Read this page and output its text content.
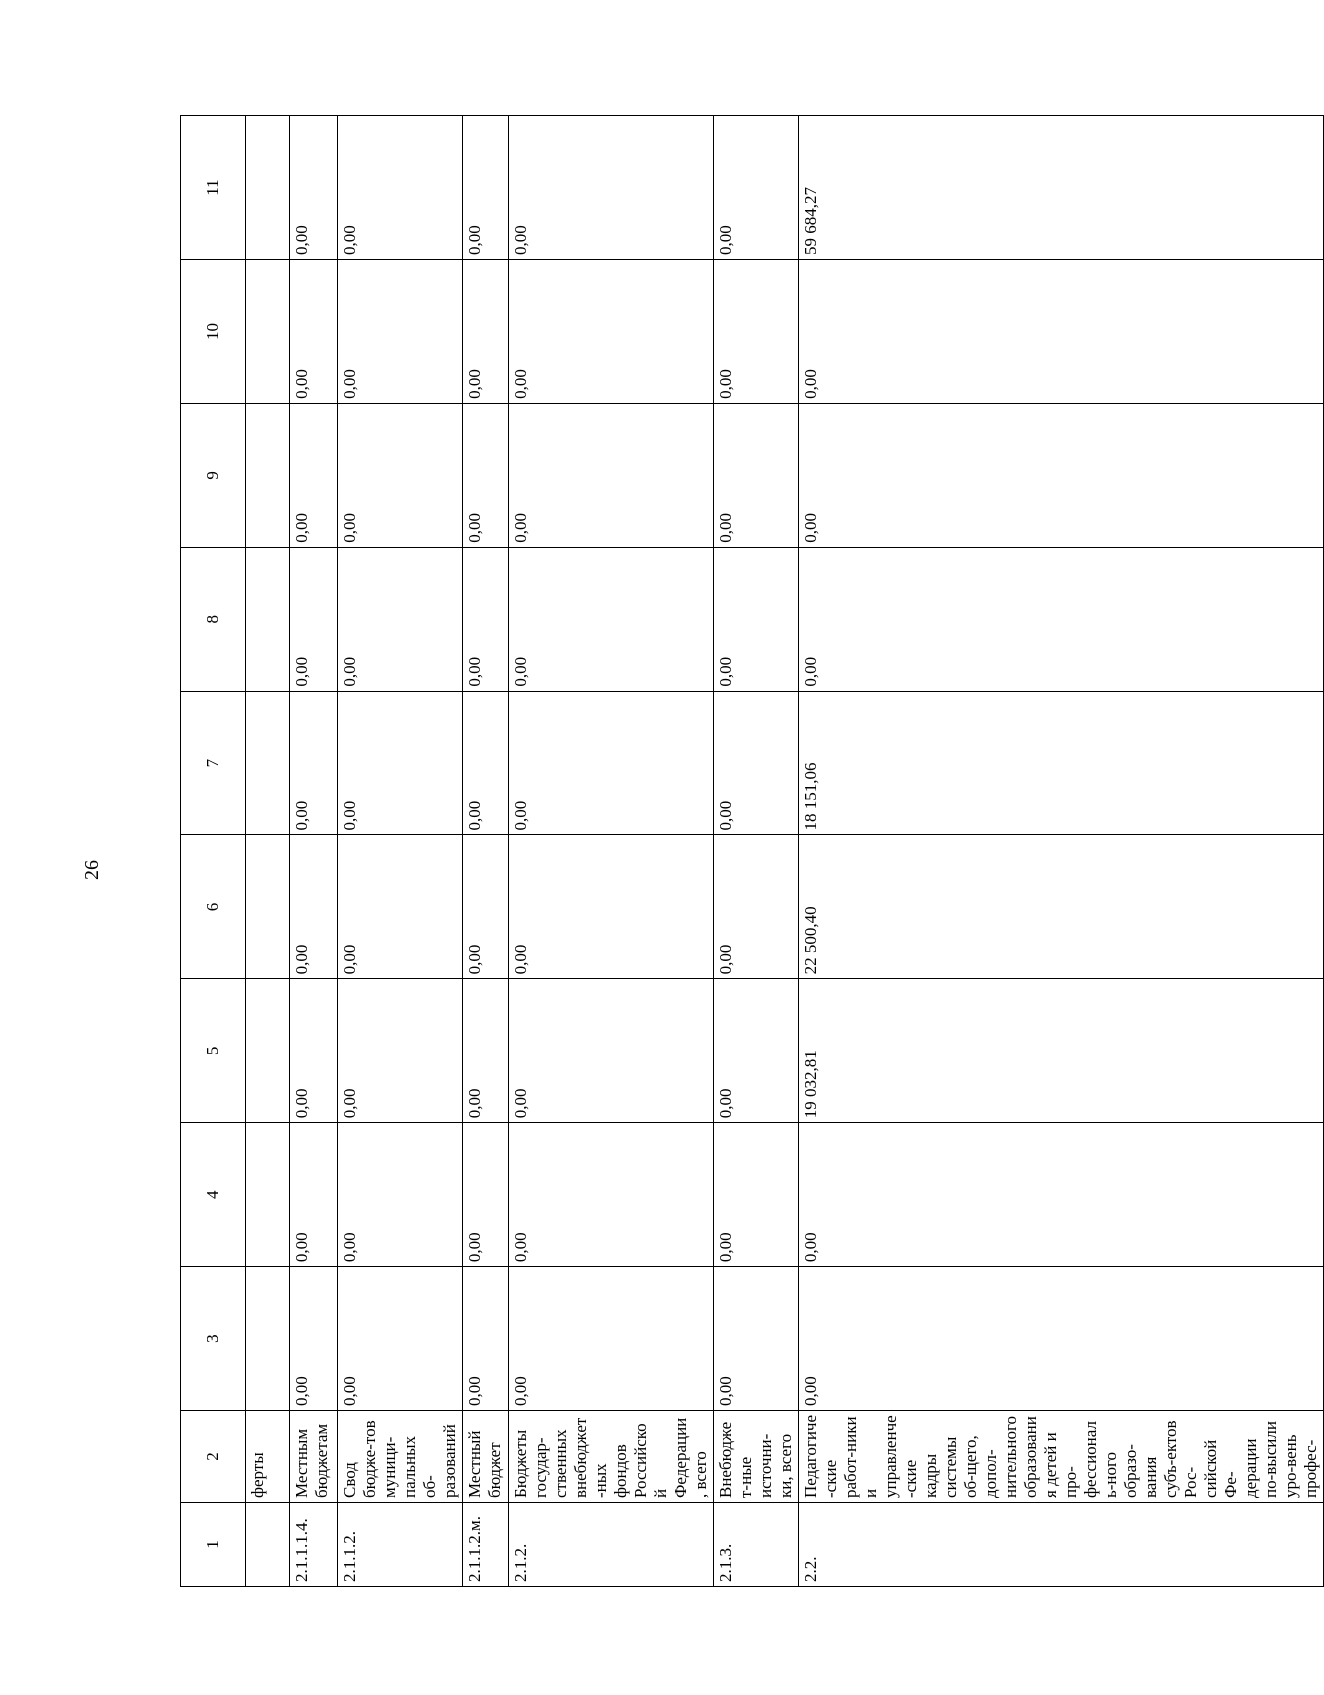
26
1	2	3	4	5	6	7	8	9	10	11
	ферты									
2.1.1.1.4.	Местным бюджетам	0,00	0,00	0,00	0,00	0,00	0,00	0,00	0,00	0,00
2.1.1.2.	Свод бюдже-тов муници-пальных об-разований	0,00	0,00	0,00	0,00	0,00	0,00	0,00	0,00	0,00
2.1.1.2.м.	Местный бюджет	0,00	0,00	0,00	0,00	0,00	0,00	0,00	0,00	0,00
2.1.2.	Бюджеты государ-ственных внебюджет-ных фондов Российской Федерации, всего	0,00	0,00	0,00	0,00	0,00	0,00	0,00	0,00	0,00
2.1.3.	Внебюджет-ные источни-ки, всего	0,00	0,00	0,00	0,00	0,00	0,00	0,00	0,00	0,00
2.2.	Педагогиче-ские работ-ники и управленче-ские кадры системы об-щего, допол-нительного образования детей и про-фессиональ-ного образо-вания субъ-ектов Рос-сийской Фе-дерации по-высили уро-вень профес-	0,00	0,00	19 032,81	22 500,40	18 151,06	0,00	0,00	0,00	59 684,27
